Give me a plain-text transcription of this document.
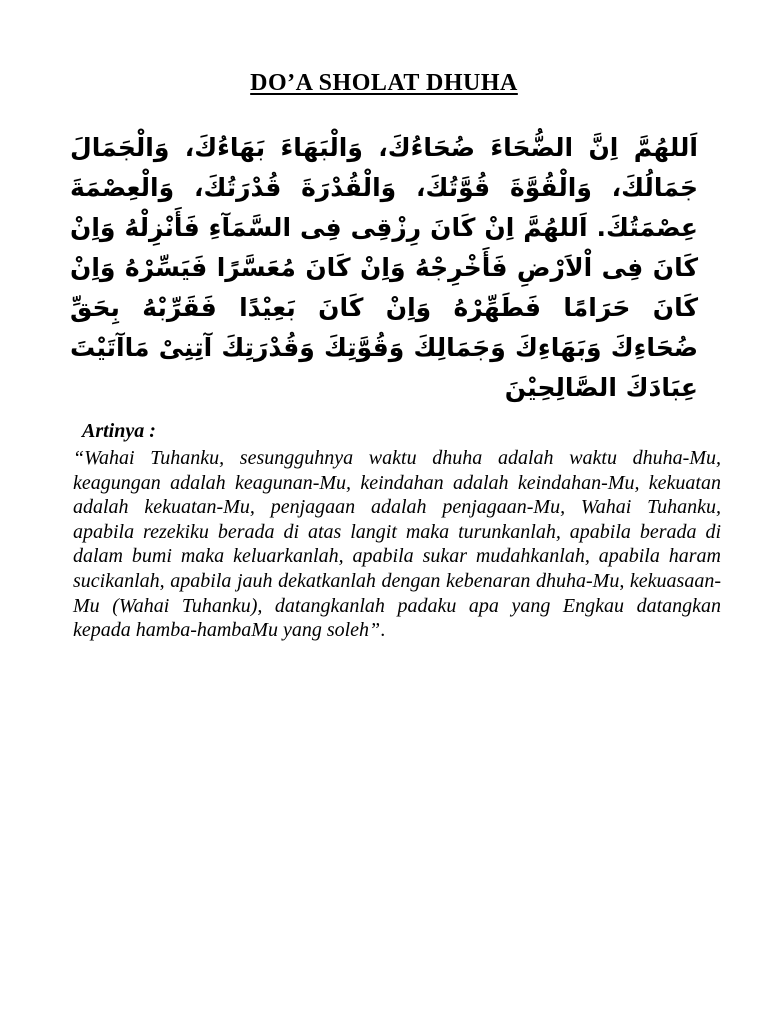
DO’A SHOLAT DHUHA
اَللهُمَّ اِنَّ الضُّحَاءَ ضُحَاءُكَ، وَالْبَهَاءَ بَهَاءُكَ، وَالْجَمَالَ جَمَالُكَ، وَالْقُوَّةَ قُوَّتُكَ، وَالْقُدْرَةَ قُدْرَتُكَ، وَالْعِصْمَةَ عِصْمَتُكَ. اَللهُمَّ اِنْ كَانَ رِزْقِى فِى السَّمَآءِ فَأَنْزِلْهُ وَاِنْ كَانَ فِى اْلاَرْضِ فَأَخْرِجْهُ وَاِنْ كَانَ مُعَسَّرًا فَيَسِّرْهُ وَاِنْ كَانَ حَرَامًا فَطَهِّرْهُ وَاِنْ كَانَ بَعِيْدًا فَقَرِّبْهُ بِحَقِّ ضُحَاءِكَ وَبَهَاءِكَ وَجَمَالِكَ وَقُوَّتِكَ وَقُدْرَتِكَ آتِنِىْ مَاآتَيْتَ عِبَادَكَ الصَّالِحِيْنَ
Artinya :
“Wahai Tuhanku, sesungguhnya waktu dhuha adalah waktu dhuha-Mu, keagungan adalah keagunan-Mu, keindahan adalah keindahan-Mu, kekuatan adalah kekuatan-Mu, penjagaan adalah penjagaan-Mu, Wahai Tuhanku, apabila rezekiku berada di atas langit maka turunkanlah, apabila berada di dalam bumi maka keluarkanlah, apabila sukar mudahkanlah, apabila haram sucikanlah, apabila jauh dekatkanlah dengan kebenaran dhuha-Mu, kekuasaan-Mu (Wahai Tuhanku), datangkanlah padaku apa yang Engkau datangkan kepada hamba-hambaMu yang soleh”.
